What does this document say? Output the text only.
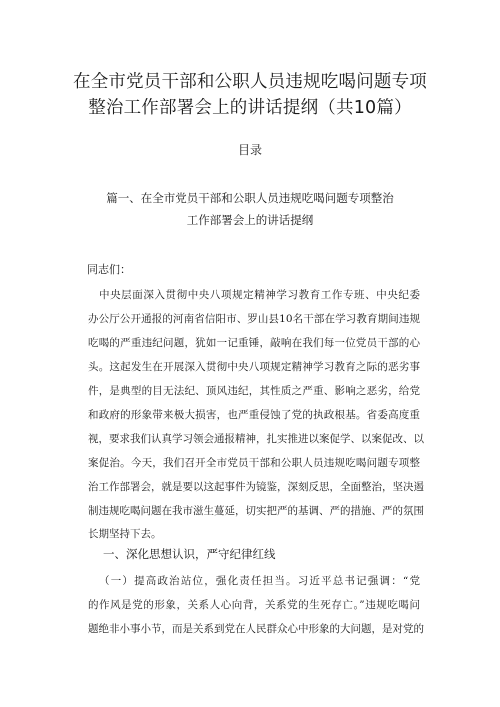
在全市党员干部和公职人员违规吃喝问题专项
整治工作部署会上的讲话提纲（共10篇）
目录
篇一、在全市党员干部和公职人员违规吃喝问题专项整治
工作部署会上的讲话提纲
同志们：
中央层面深入贯彻中央八项规定精神学习教育工作专班、中央纪委
办公厅公开通报的河南省信阳市、罗山县10名干部在学习教育期间违规
吃喝的严重违纪问题，犹如一记重锤，敲响在我们每一位党员干部的心
头。这起发生在开展深入贯彻中央八项规定精神学习教育之际的恶劣事
件，是典型的目无法纪、顶风违纪，其性质之严重、影响之恶劣，给党
和政府的形象带来极大损害，也严重侵蚀了党的执政根基。省委高度重
视，要求我们认真学习领会通报精神，扎实推进以案促学、以案促改、以
案促治。今天，我们召开全市党员干部和公职人员违规吃喝问题专项整
治工作部署会，就是要以这起事件为镜鉴，深刻反思，全面整治，坚决遏
制违规吃喝问题在我市滋生蔓延，切实把严的基调、严的措施、严的氛围
长期坚持下去。
一、深化思想认识，严守纪律红线
（一）提高政治站位，强化责任担当。习近平总书记强调：“党
的作风是党的形象，关系人心向背，关系党的生死存亡。”违规吃喝问
题绝非小事小节，而是关系到党在人民群众心中形象的大问题，是对党的
